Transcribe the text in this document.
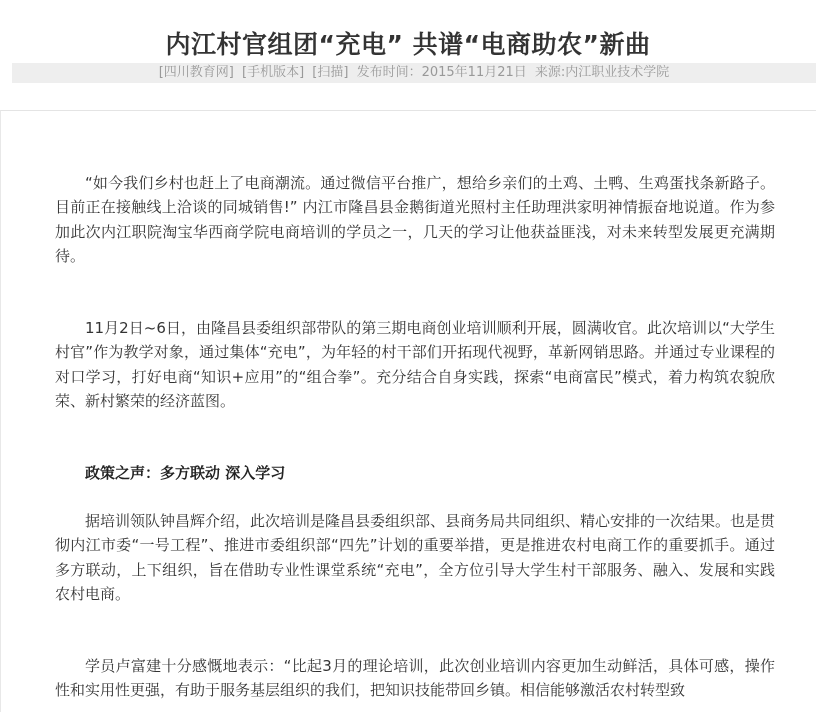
内江村官组团“充电” 共谱“电商助农”新曲
[四川教育网] [手机版本] [扫描] 发布时间：2015年11月21日 来源:内江职业技术学院

“如今我们乡村也赶上了电商潮流。通过微信平台推广，想给乡亲们的土鸡、土鸭、生鸡蛋找条新路子。目前正在接触线上洽谈的同城销售!” 内江市隆昌县金鹅街道光照村主任助理洪家明神情振奋地说道。作为参加此次内江职院淘宝华西商学院电商培训的学员之一，几天的学习让他获益匪浅，对未来转型发展更充满期待。

11月2日~6日，由隆昌县委组织部带队的第三期电商创业培训顺利开展，圆满收官。此次培训以“大学生村官”作为教学对象，通过集体“充电”，为年轻的村干部们开拓现代视野，革新网销思路。并通过专业课程的对口学习，打好电商“知识+应用”的“组合拳”。充分结合自身实践，探索“电商富民”模式，着力构筑农貌欣荣、新村繁荣的经济蓝图。

政策之声：多方联动 深入学习

据培训领队钟昌辉介绍，此次培训是隆昌县委组织部、县商务局共同组织、精心安排的一次结果。也是贯彻内江市委“一号工程”、推进市委组织部“四先”计划的重要举措，更是推进农村电商工作的重要抓手。通过多方联动，上下组织，旨在借助专业性课堂系统“充电”，全方位引导大学生村干部服务、融入、发展和实践农村电商。

学员卢富建十分感慨地表示：“比起3月的理论培训，此次创业培训内容更加生动鲜活，具体可感，操作性和实用性更强，有助于服务基层组织的我们，把知识技能带回乡镇。相信能够激活农村转型致
